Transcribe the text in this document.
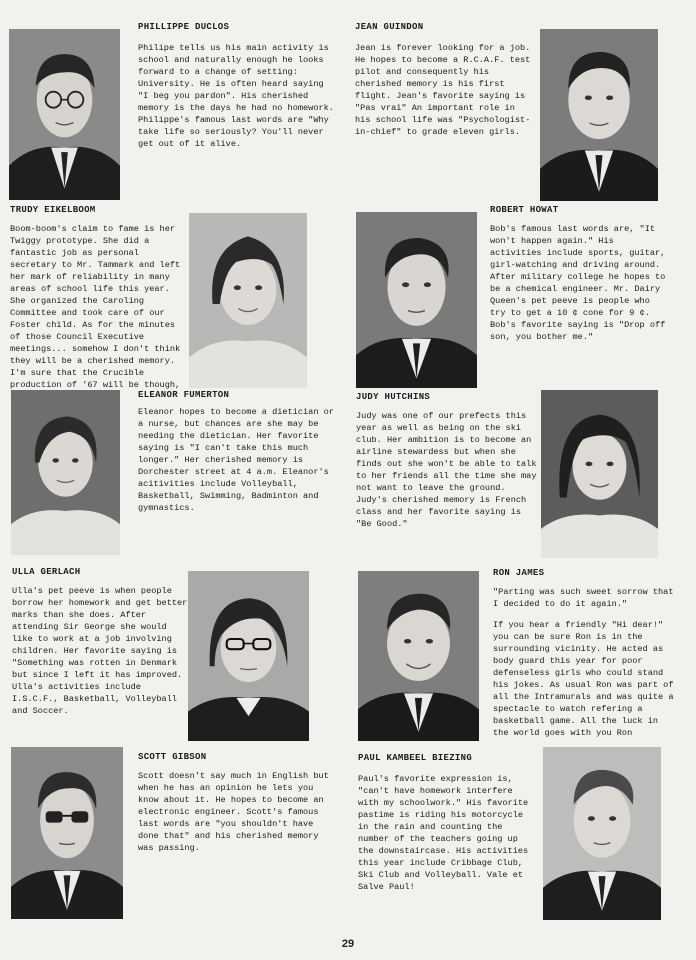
PHILLIPPE DUCLOS

Philipe tells us his main activity is school and naturally enough he looks forward to a change of setting: University. He is often heard saying "I beg you pardon". His cherished memory is the days he had no homework. Philippe's famous last words are "Why take life so seriously? You'll never get out of it alive.

JEAN GUINDON

Jean is forever looking for a job. He hopes to become a R.C.A.F. test pilot and consequently his cherished memory is his first flight. Jean's favorite saying is "Pas vrai" An important role in his school life was "Psychologist-in-chief" to grade eleven girls.

TRUDY EIKELBOOM

Boom-boom's claim to fame is her Twiggy prototype. She did a fantastic job as personal secretary to Mr. Tammark and left her mark of reliability in many areas of school life this year. She organized the Caroling Committee and took care of our Foster child. As for the minutes of those Council Executive meetings... somehow I don't think they will be a cherished memory. I'm sure that the Crucible production of '67 will be though,

ROBERT HOWAT

Bob's famous last words are, "It won't happen again." His activities include sports, guitar, girl-watching and driving around. After military college he hopes to be a chemical engineer. Mr. Dairy Queen's pet peeve is people who try to get a 10 ¢ cone for 9 ¢. Bob's favorite saying is "Drop off son, you bother me."

ELEANOR FUMERTON

Eleanor hopes to become a dietician or a nurse, but chances are she may be needing the dietician. Her favorite saying is "I can't take this much longer." Her cherished memory is Dorchester street at 4 a.m. Eleanor's acitivities include Volleyball, Basketball, Swimming, Badminton and gymnastics.

JUDY HUTCHINS

Judy was one of our prefects this year as well as being on the ski club. Her ambition is to become an airline stewardess but when she finds out she won't be able to talk to her friends all the time she may not want to leave the ground. Judy's cherished memory is French class and her favorite saying is "Be Good."

ULLA GERLACH

Ulla's pet peeve is when people borrow her homework and get better marks than she does. After attending Sir George she would like to work at a job involving children. Her favorite saying is "Something was rotten in Denmark but since I left it has improved. Ulla's activities include I.S.C.F., Basketball, Volleyball and Soccer.

RON JAMES

"Parting was such sweet sorrow that I decided to do it again."

If you hear a friendly "Hi dear!" you can be sure Ron is in the surrounding vicinity. He acted as body guard this year for poor defenseless girls who could stand his jokes. As usual Ron was part of all the Intramurals and was quite a spectacle to watch refering a basketball game. All the luck in the world goes with you Ron

SCOTT GIBSON

Scott doesn't say much in English but when he has an opinion he lets you know about it. He hopes to become an electronic engineer. Scott's famous last words are "you shouldn't have done that" and his cherished memory was passing.

PAUL KAMBEEL BIEZING

Paul's favorite expression is, "can't have homework interfere with my schoolwork." His favorite pastime is riding his motorcycle in the rain and counting the number of the teachers going up the downstaircase. His activities this year include Cribbage Club, Ski Club and Volleyball. Vale et Salve Paul!

29
